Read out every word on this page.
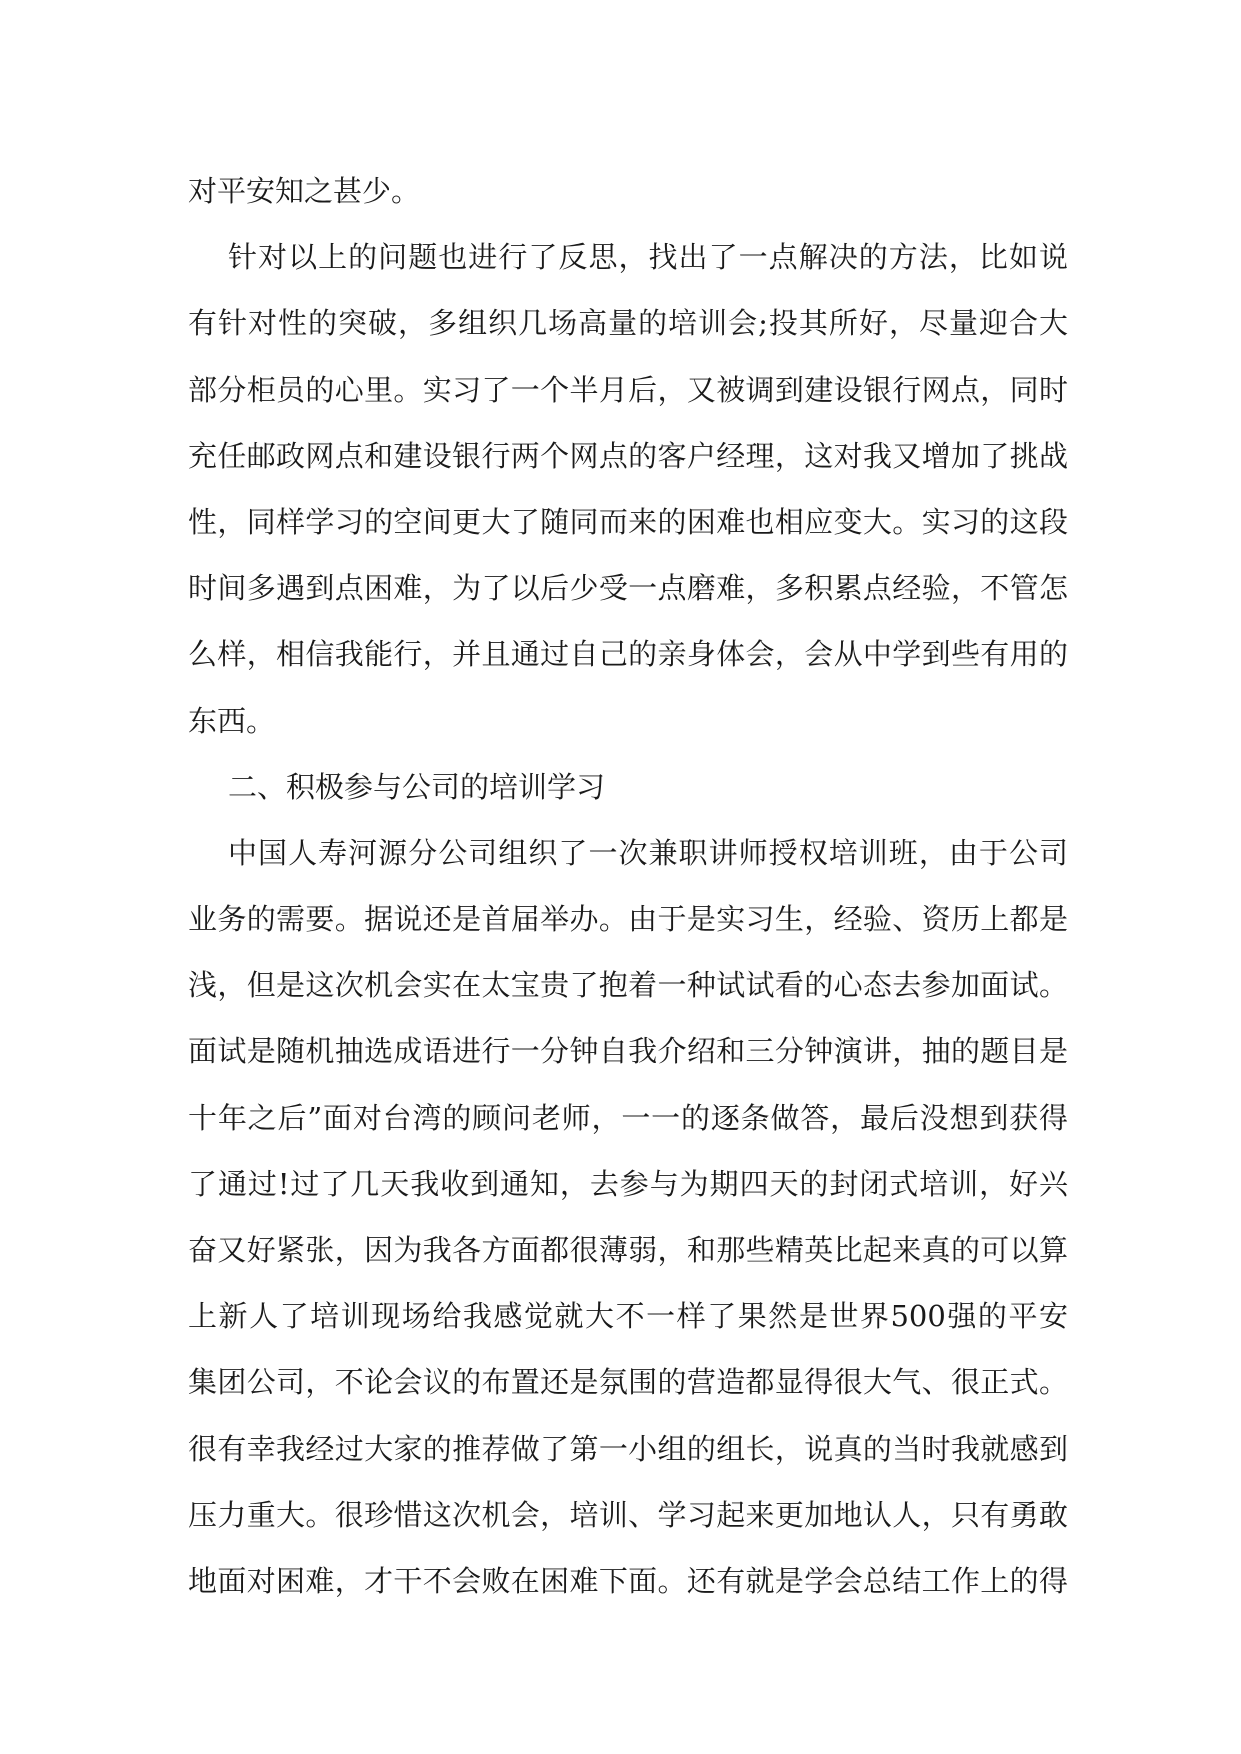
对平安知之甚少。
针对以上的问题也进行了反思，找出了一点解决的方法，比如说
有针对性的突破，多组织几场高量的培训会;投其所好，尽量迎合大
部分柜员的心里。实习了一个半月后，又被调到建设银行网点，同时
充任邮政网点和建设银行两个网点的客户经理，这对我又增加了挑战
性，同样学习的空间更大了随同而来的困难也相应变大。实习的这段
时间多遇到点困难，为了以后少受一点磨难，多积累点经验，不管怎
么样，相信我能行，并且通过自己的亲身体会，会从中学到些有用的
东西。
二、积极参与公司的培训学习
中国人寿河源分公司组织了一次兼职讲师授权培训班，由于公司
业务的需要。据说还是首届举办。由于是实习生，经验、资历上都是
浅，但是这次机会实在太宝贵了抱着一种试试看的心态去参加面试。
面试是随机抽选成语进行一分钟自我介绍和三分钟演讲，抽的题目是
十年之后”面对台湾的顾问老师，一一的逐条做答，最后没想到获得
了通过!过了几天我收到通知，去参与为期四天的封闭式培训，好兴
奋又好紧张，因为我各方面都很薄弱，和那些精英比起来真的可以算
上新人了培训现场给我感觉就大不一样了果然是世界500强的平安
集团公司，不论会议的布置还是氛围的营造都显得很大气、很正式。
很有幸我经过大家的推荐做了第一小组的组长，说真的当时我就感到
压力重大。很珍惜这次机会，培训、学习起来更加地认人，只有勇敢
地面对困难，才干不会败在困难下面。还有就是学会总结工作上的得
